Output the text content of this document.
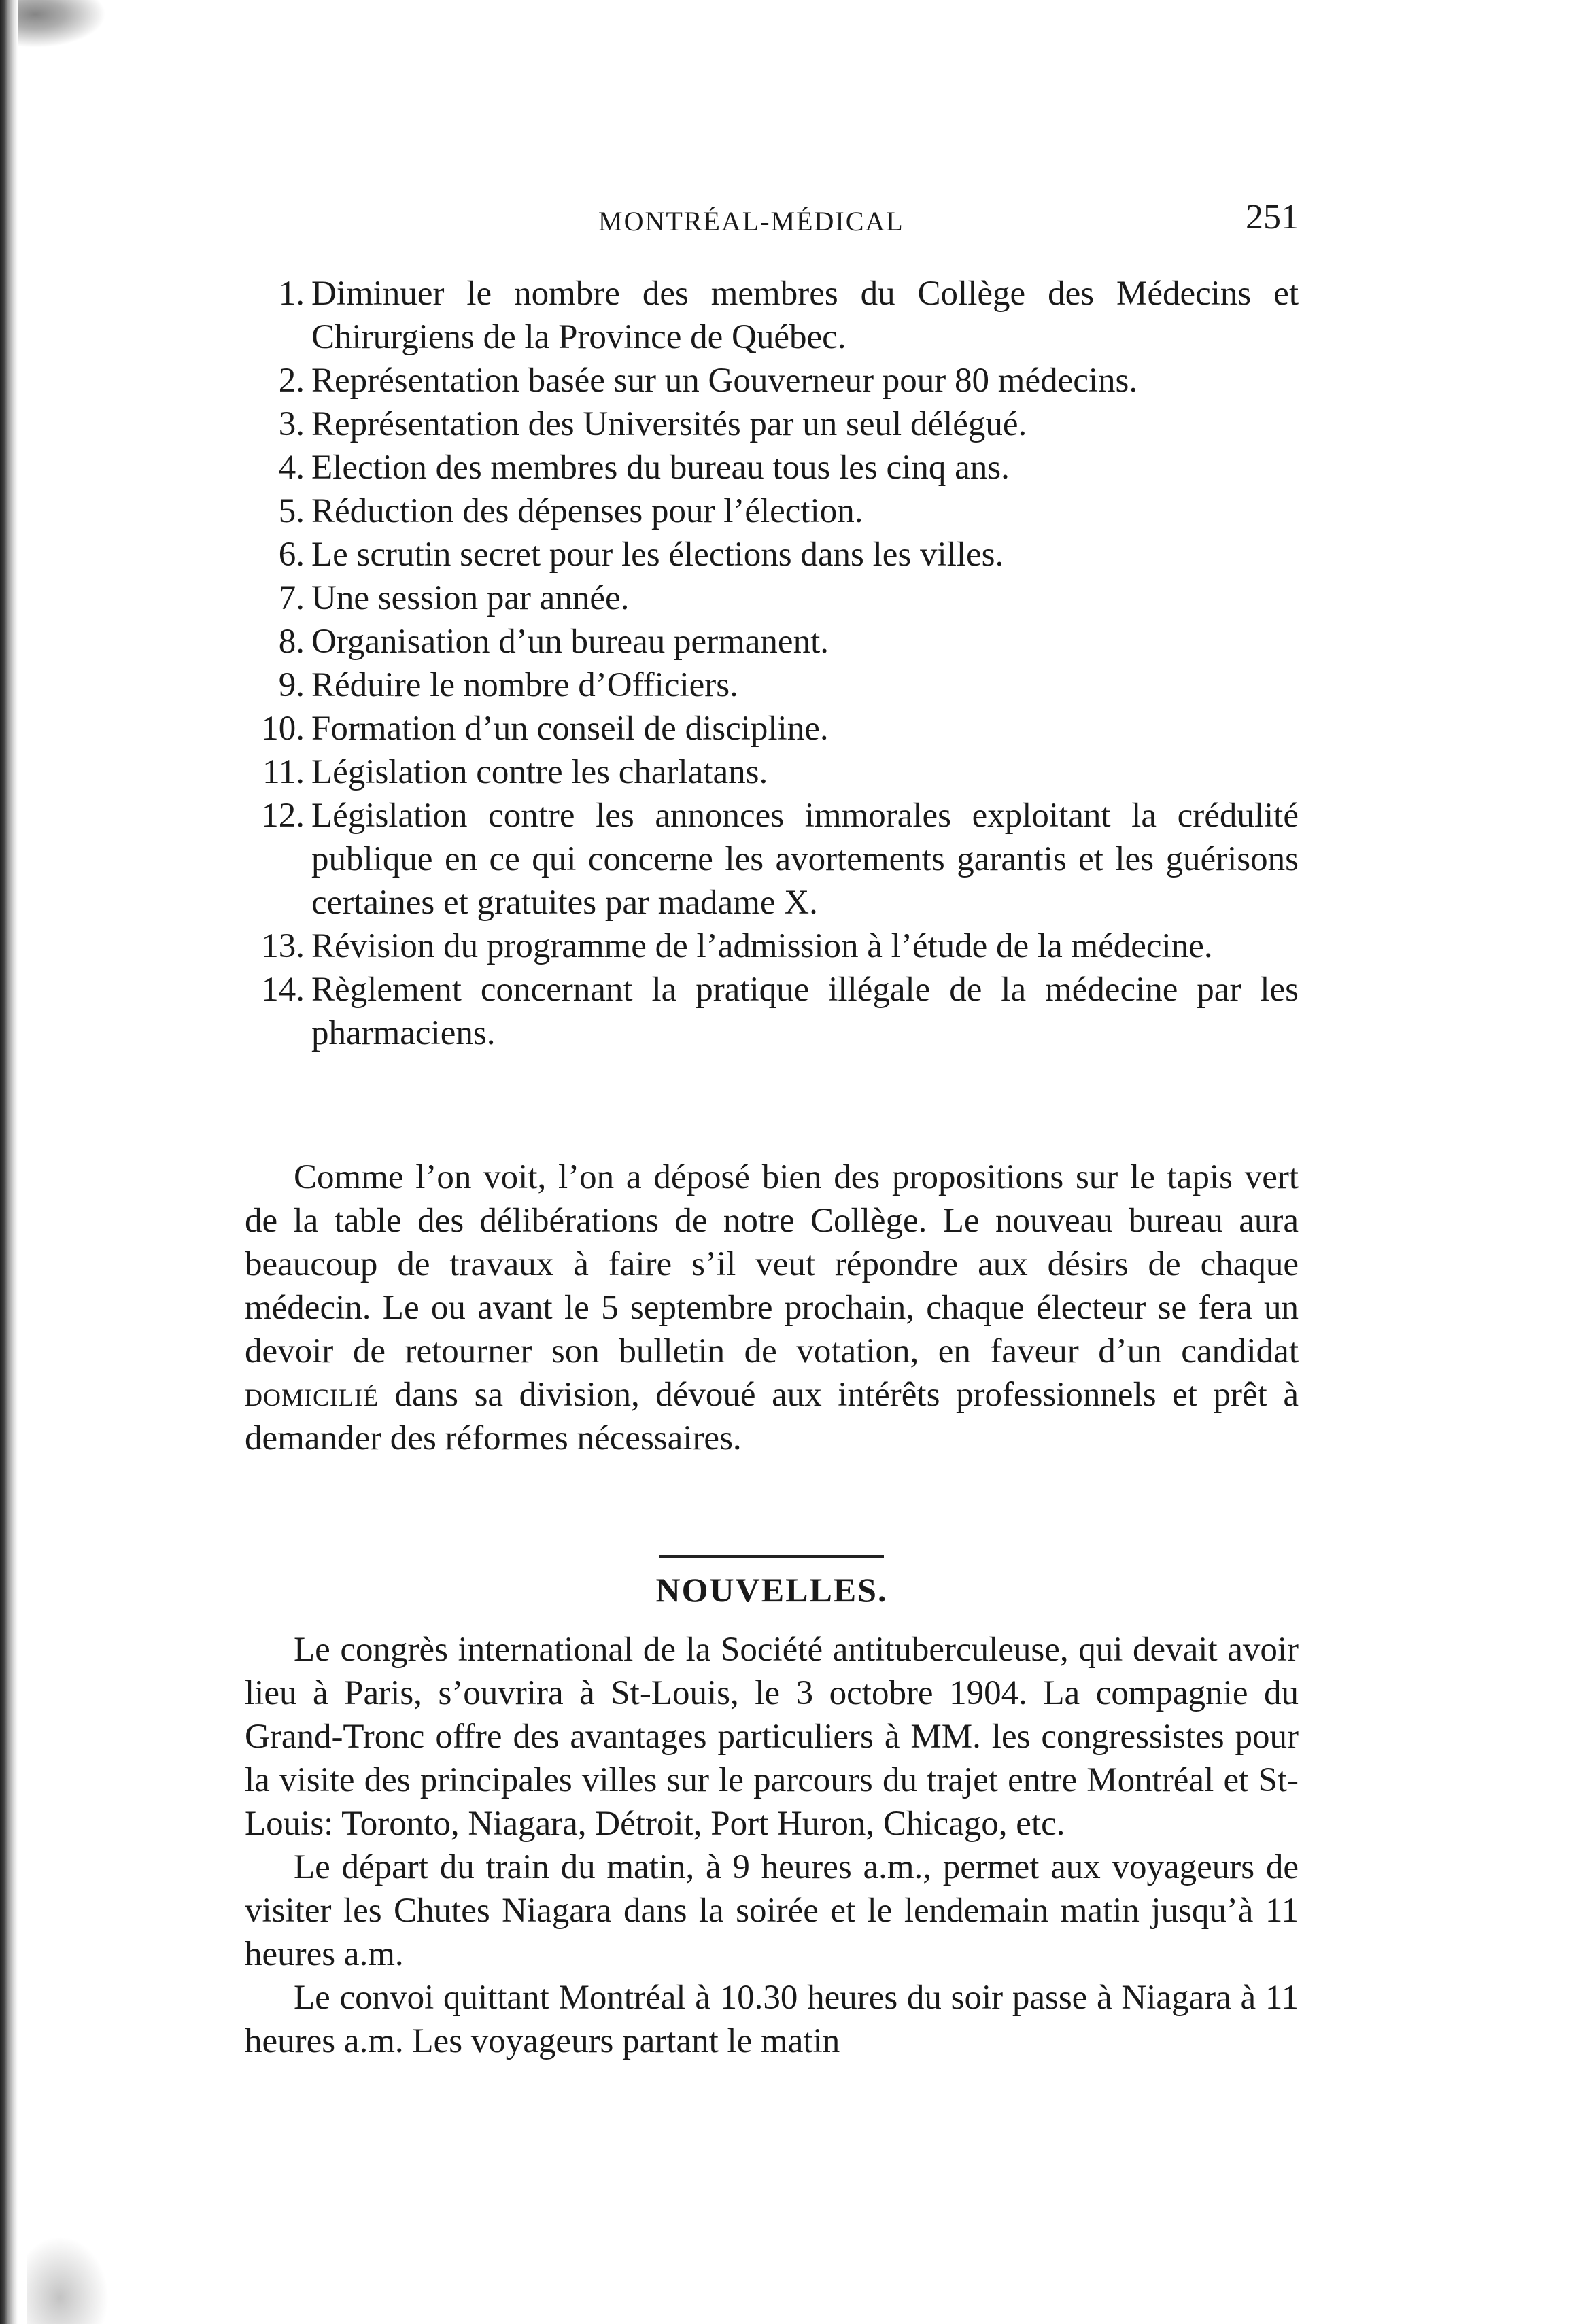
MONTRÉAL-MÉDICAL	251
1. Diminuer le nombre des membres du Collège des Médecins et Chirurgiens de la Province de Québec.
2. Représentation basée sur un Gouverneur pour 80 médecins.
3. Représentation des Universités par un seul délégué.
4. Election des membres du bureau tous les cinq ans.
5. Réduction des dépenses pour l’élection.
6. Le scrutin secret pour les élections dans les villes.
7. Une session par année.
8. Organisation d’un bureau permanent.
9. Réduire le nombre d’Officiers.
10. Formation d’un conseil de discipline.
11. Législation contre les charlatans.
12. Législation contre les annonces immorales exploitant la crédulité publique en ce qui concerne les avortements garantis et les guérisons certaines et gratuites par madame X.
13. Révision du programme de l’admission à l’étude de la médecine.
14. Règlement concernant la pratique illégale de la médecine par les pharmaciens.

Comme l’on voit, l’on a déposé bien des propositions sur le tapis vert de la table des délibérations de notre Collège. Le nouveau bureau aura beaucoup de travaux à faire s’il veut répondre aux désirs de chaque médecin. Le ou avant le 5 septembre prochain, chaque électeur se fera un devoir de retourner son bulletin de votation, en faveur d’un candidat domicilié dans sa division, dévoué aux intérêts professionnels et prêt à demander des réformes nécessaires.

NOUVELLES.

Le congrès international de la Société antituberculeuse, qui devait avoir lieu à Paris, s’ouvrira à St-Louis, le 3 octobre 1904. La compagnie du Grand-Tronc offre des avantages particuliers à MM. les congressistes pour la visite des principales villes sur le parcours du trajet entre Montréal et St-Louis: Toronto, Niagara, Détroit, Port Huron, Chicago, etc.

Le départ du train du matin, à 9 heures a.m., permet aux voyageurs de visiter les Chutes Niagara dans la soirée et le lendemain matin jusqu’à 11 heures a.m.

Le convoi quittant Montréal à 10.30 heures du soir passe à Niagara à 11 heures a.m. Les voyageurs partant le matin
